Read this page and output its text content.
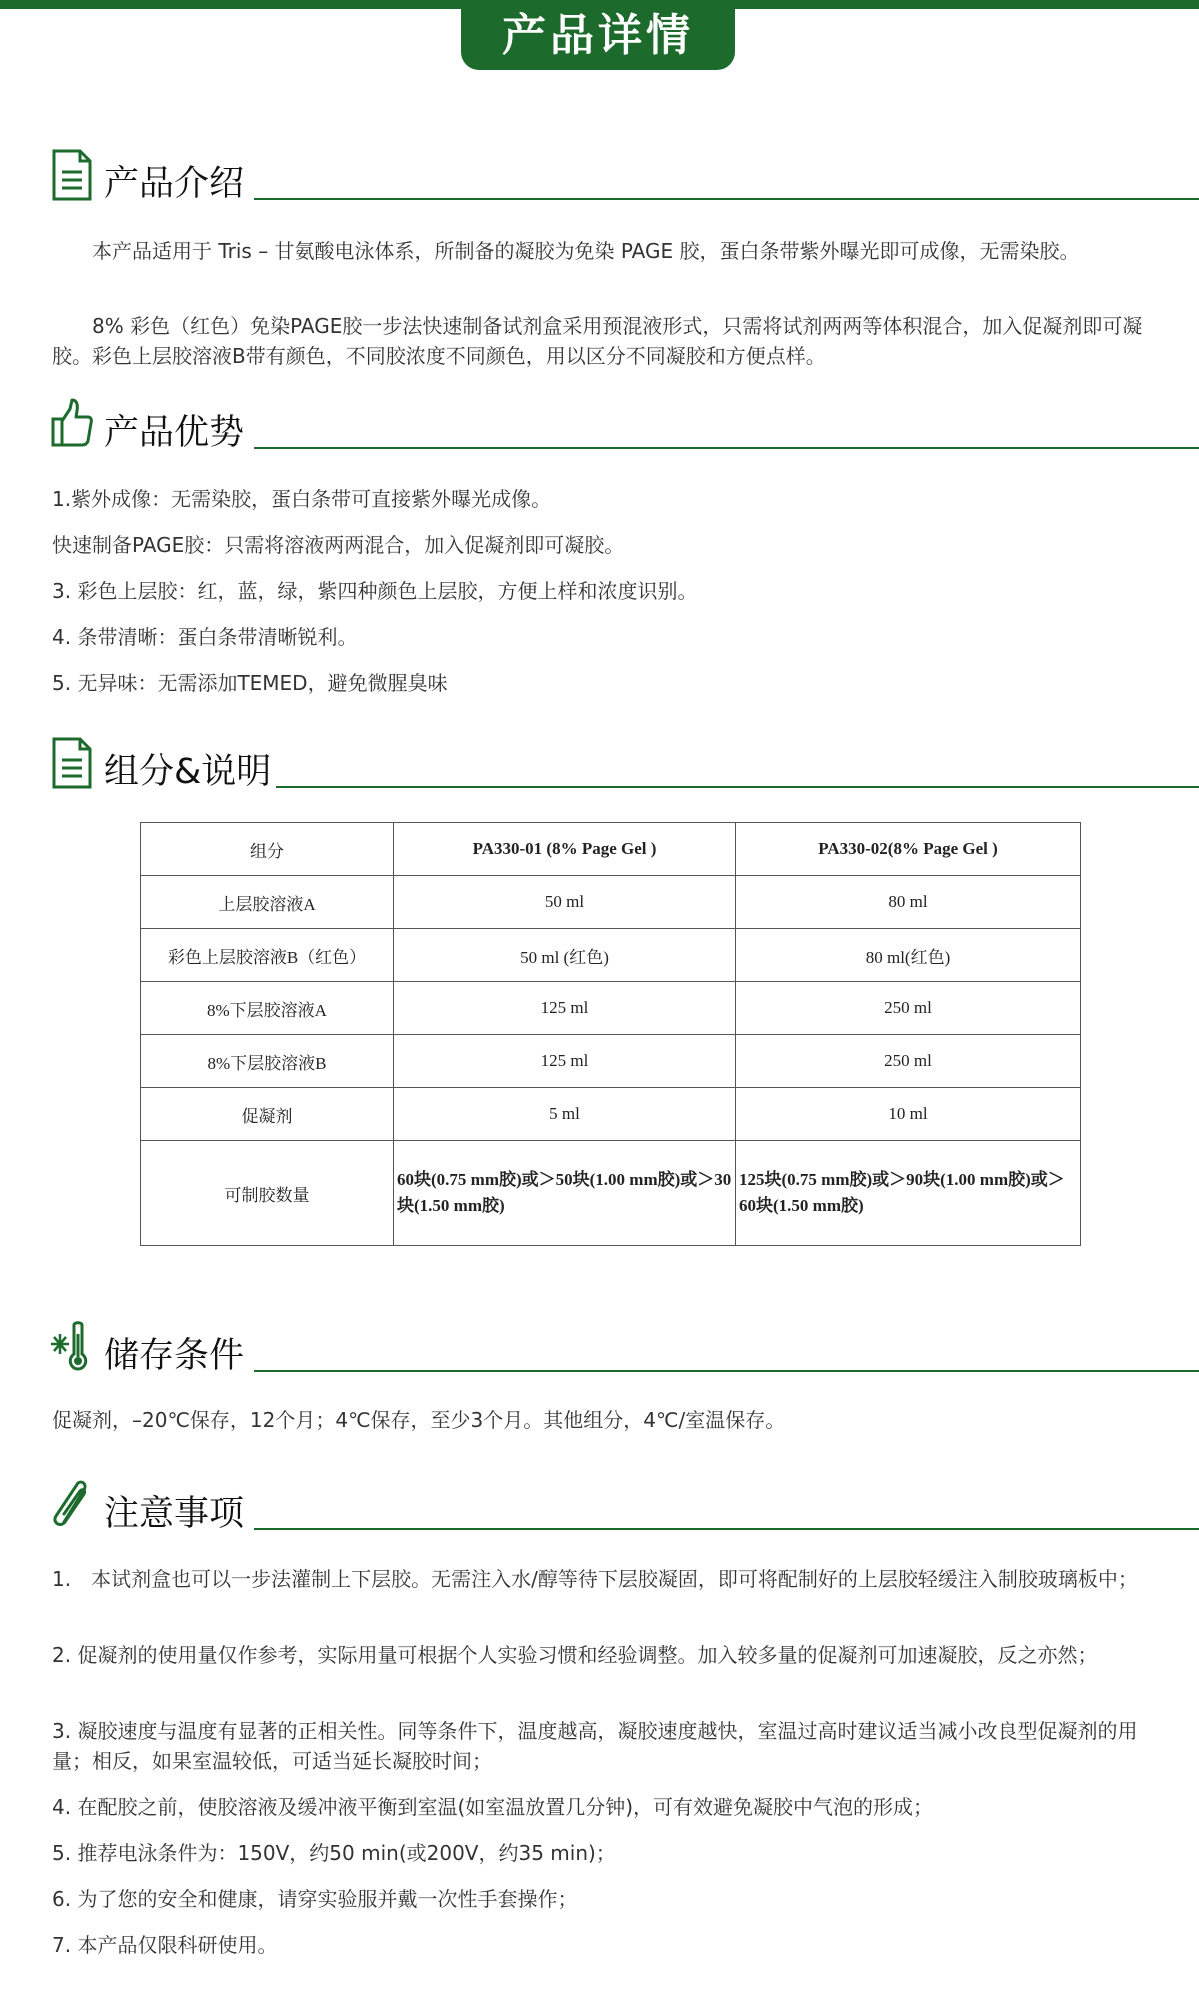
产品详情
产品介绍
本产品适用于 Tris – 甘氨酸电泳体系，所制备的凝胶为免染 PAGE 胶，蛋白条带紫外曝光即可成像，无需染胶。
8% 彩色（红色）免染PAGE胶一步法快速制备试剂盒采用预混液形式，只需将试剂两两等体积混合，加入促凝剂即可凝胶。彩色上层胶溶液B带有颜色，不同胶浓度不同颜色，用以区分不同凝胶和方便点样。
产品优势
1.紫外成像：无需染胶，蛋白条带可直接紫外曝光成像。
快速制备PAGE胶：只需将溶液两两混合，加入促凝剂即可凝胶。
3. 彩色上层胶：红，蓝，绿，紫四种颜色上层胶，方便上样和浓度识别。
4. 条带清晰：蛋白条带清晰锐利。
5. 无异味：无需添加TEMED，避免微腥臭味
组分&说明
组分	PA330-01 (8% Page Gel )	PA330-02(8% Page Gel )
上层胶溶液A	50 ml	80 ml
彩色上层胶溶液B（红色）	50 ml (红色)	80 ml(红色)
8%下层胶溶液A	125 ml	250 ml
8%下层胶溶液B	125 ml	250 ml
促凝剂	5 ml	10 ml
可制胶数量	60块(0.75 mm胶)或＞50块(1.00 mm胶)或＞30块(1.50 mm胶)	125块(0.75 mm胶)或＞90块(1.00 mm胶)或＞60块(1.50 mm胶)
储存条件
促凝剂，–20℃保存，12个月；4℃保存，至少3个月。其他组分，4℃/室温保存。
注意事项
1.　本试剂盒也可以一步法灌制上下层胶。无需注入水/醇等待下层胶凝固，即可将配制好的上层胶轻缓注入制胶玻璃板中；
2. 促凝剂的使用量仅作参考，实际用量可根据个人实验习惯和经验调整。加入较多量的促凝剂可加速凝胶，反之亦然；
3. 凝胶速度与温度有显著的正相关性。同等条件下，温度越高，凝胶速度越快，室温过高时建议适当减小改良型促凝剂的用量；相反，如果室温较低，可适当延长凝胶时间；
4. 在配胶之前，使胶溶液及缓冲液平衡到室温(如室温放置几分钟)，可有效避免凝胶中气泡的形成；
5. 推荐电泳条件为：150V，约50 min(或200V，约35 min)；
6. 为了您的安全和健康，请穿实验服并戴一次性手套操作；
7. 本产品仅限科研使用。
